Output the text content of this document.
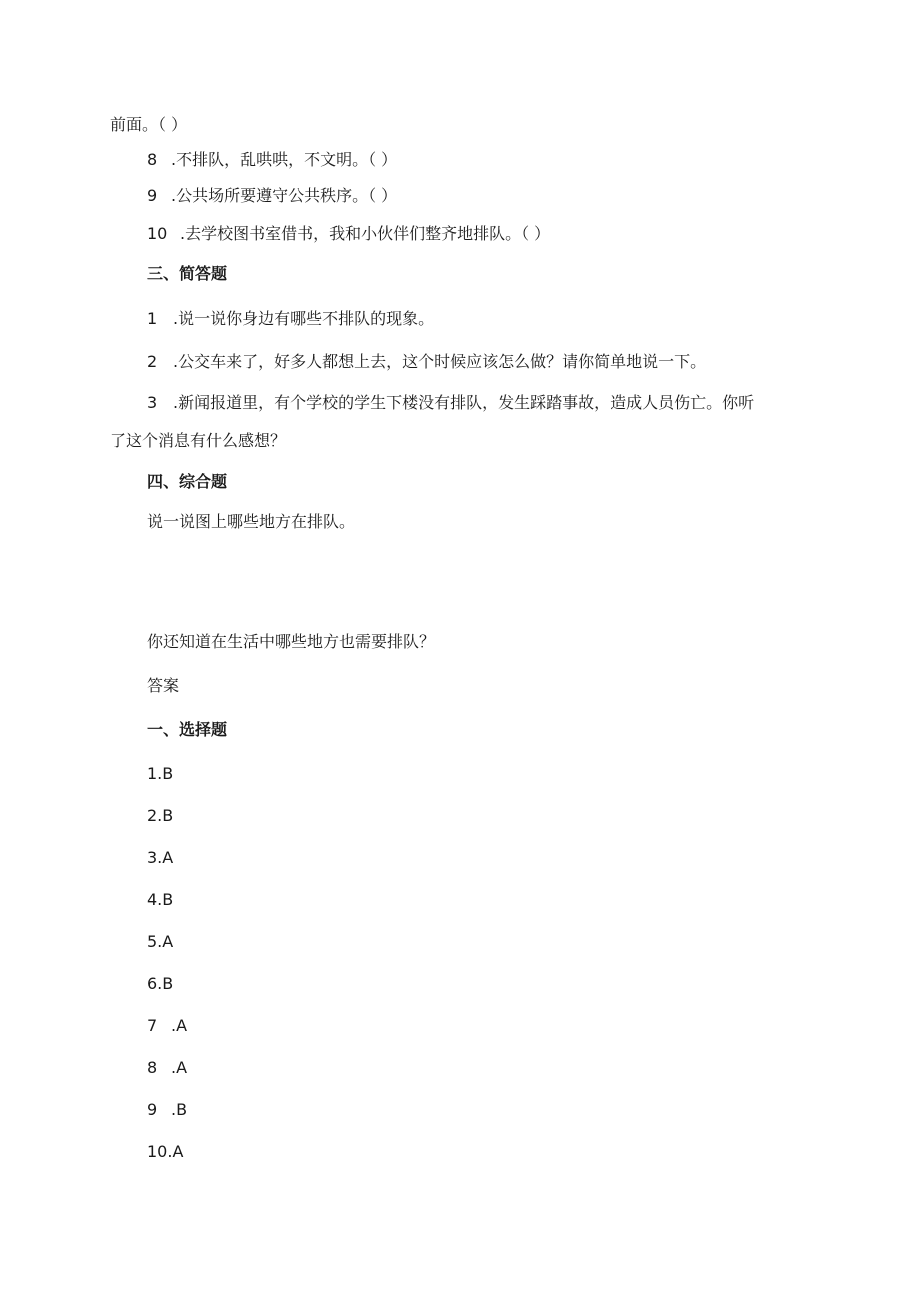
前面。（ ）
8 .不排队，乱哄哄，不文明。（ ）
9 .公共场所要遵守公共秩序。（ ）
10 .去学校图书室借书，我和小伙伴们整齐地排队。（ ）
三、简答题
1 .说一说你身边有哪些不排队的现象。
2 .公交车来了，好多人都想上去，这个时候应该怎么做？请你简单地说一下。
3 .新闻报道里，有个学校的学生下楼没有排队，发生踩踏事故，造成人员伤亡。你听
了这个消息有什么感想？
四、综合题
说一说图上哪些地方在排队。
你还知道在生活中哪些地方也需要排队？
答案
一、选择题
1.B
2.B
3.A
4.B
5.A
6.B
7 .A
8 .A
9 .B
10.A
